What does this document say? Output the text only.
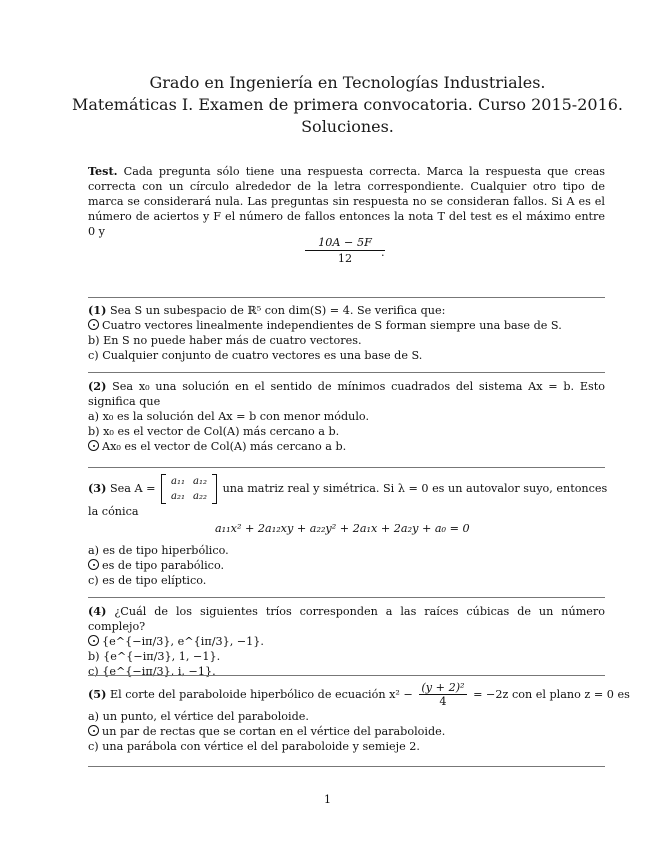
Grado en Ingeniería en Tecnologías Industriales.
Matemáticas I. Examen de primera convocatoria. Curso 2015-2016.
Soluciones.
Test. Cada pregunta sólo tiene una respuesta correcta. Marca la respuesta que creas correcta con un círculo alrededor de la letra correspondiente. Cualquier otro tipo de marca se considerará nula. Las preguntas sin respuesta no se consideran fallos. Si A es el número de aciertos y F el número de fallos entonces la nota T del test es el máximo entre 0 y
10A − 5F
12	.
(1) Sea S un subespacio de ℝ⁵ con dim(S) = 4. Se verifica que:
Cuatro vectores linealmente independientes de S forman siempre una base de S.
b) En S no puede haber más de cuatro vectores.
c) Cualquier conjunto de cuatro vectores es una base de S.
(2) Sea x₀ una solución en el sentido de mínimos cuadrados del sistema Ax = b. Esto significa que
a) x₀ es la solución del Ax = b con menor módulo.
b) x₀ es el vector de Col(A) más cercano a b.
Ax₀ es el vector de Col(A) más cercano a b.
(3) Sea A =
a₁₁	a₁₂
a₂₁	a₂₂
una matriz real y simétrica. Si λ = 0 es un autovalor suyo, entonces
la cónica
a₁₁x² + 2a₁₂xy + a₂₂y² + 2a₁x + 2a₂y + a₀ = 0
a) es de tipo hiperbólico.
es de tipo parabólico.
c) es de tipo elíptico.
(4) ¿Cuál de los siguientes tríos corresponden a las raíces cúbicas de un número complejo?
{e^{−iπ/3}, e^{iπ/3}, −1}.
b) {e^{−iπ/3}, 1, −1}.
c) {e^{−iπ/3}, i, −1}.
(5) El corte del paraboloide hiperbólico de ecuación $x^2 - \frac{\text{(y + 2)²}}{4} = -2z$ con el plano z = 0 es
a) un punto, el vértice del paraboloide.
un par de rectas que se cortan en el vértice del paraboloide.
c) una parábola con vértice el del paraboloide y semieje 2.
1
